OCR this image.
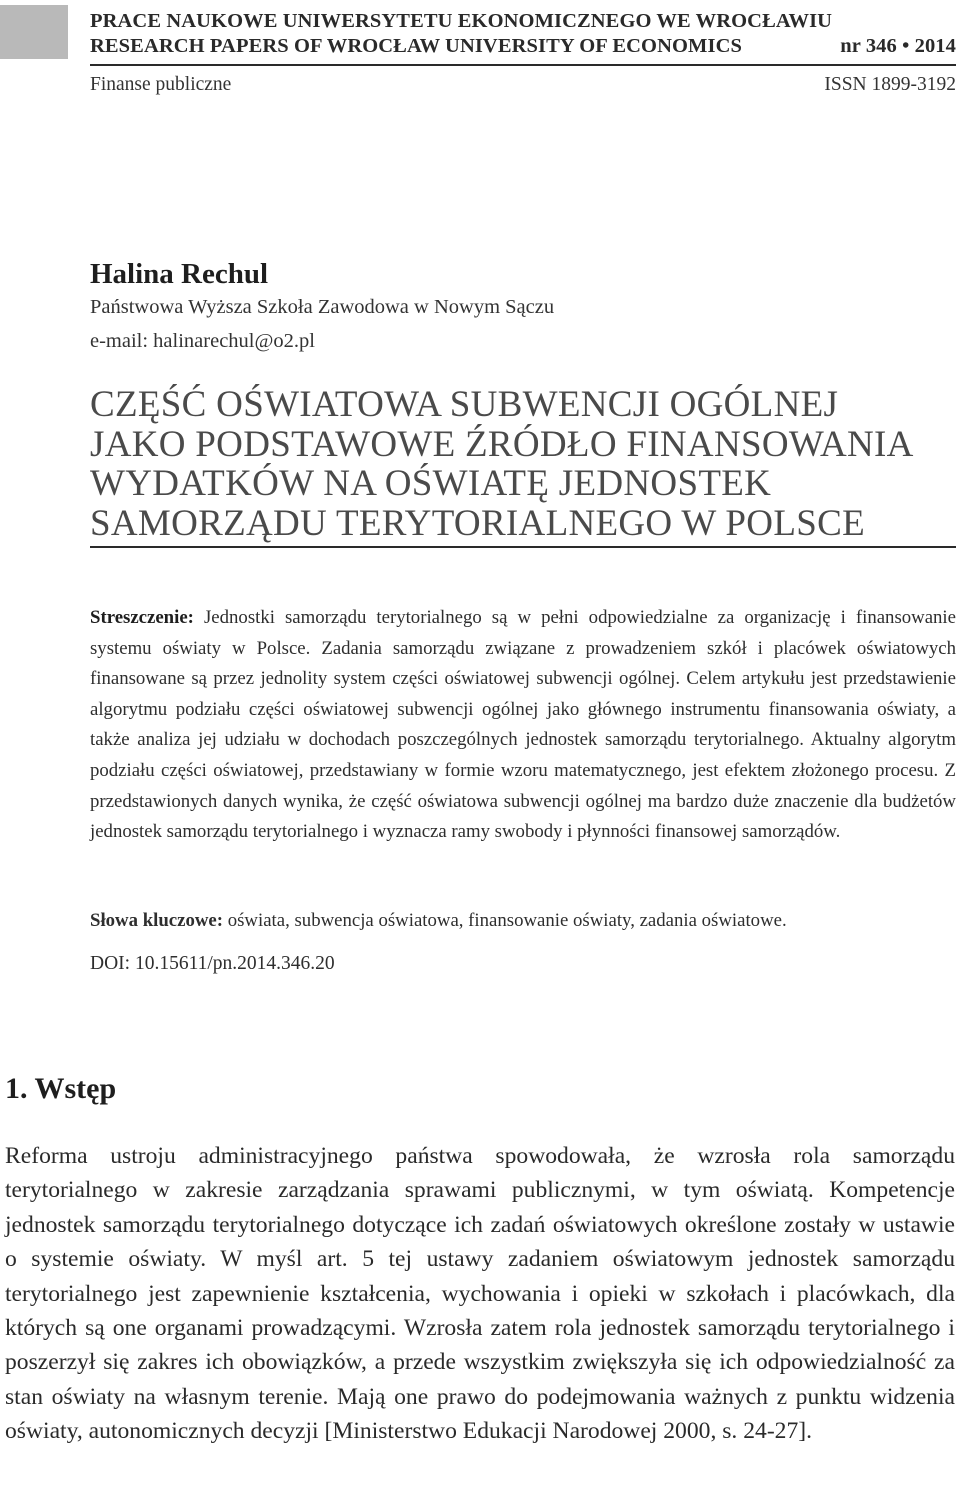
PRACE NAUKOWE UNIWERSYTETU EKONOMICZNEGO WE WROCŁAWIU
RESEARCH PAPERS OF WROCŁAW UNIVERSITY OF ECONOMICS	nr 346 • 2014
Finanse publiczne	ISSN 1899-3192
Halina Rechul
Państwowa Wyższa Szkoła Zawodowa w Nowym Sączu
e-mail: halinarechul@o2.pl
CZĘŚĆ OŚWIATOWA SUBWENCJI OGÓLNEJ
JAKO PODSTAWOWE ŹRÓDŁO FINANSOWANIA
WYDATKÓW NA OŚWIATĘ JEDNOSTEK
SAMORZĄDU TERYTORIALNEGO W POLSCE
Streszczenie: Jednostki samorządu terytorialnego są w pełni odpowiedzialne za organizację i finansowanie systemu oświaty w Polsce. Zadania samorządu związane z prowadzeniem szkół i placówek oświatowych finansowane są przez jednolity system części oświatowej subwencji ogólnej. Celem artykułu jest przedstawienie algorytmu podziału części oświatowej subwencji ogólnej jako głównego instrumentu finansowania oświaty, a także analiza jej udziału w dochodach poszczególnych jednostek samorządu terytorialnego. Aktualny algorytm podziału części oświatowej, przedstawiany w formie wzoru matematycznego, jest efektem złożonego procesu. Z przedstawionych danych wynika, że część oświatowa subwencji ogólnej ma bardzo duże znaczenie dla budżetów jednostek samorządu terytorialnego i wyznacza ramy swobody i płynności finansowej samorządów.
Słowa kluczowe: oświata, subwencja oświatowa, finansowanie oświaty, zadania oświatowe.
DOI: 10.15611/pn.2014.346.20
1. Wstęp
Reforma ustroju administracyjnego państwa spowodowała, że wzrosła rola samorządu terytorialnego w zakresie zarządzania sprawami publicznymi, w tym oświatą. Kompetencje jednostek samorządu terytorialnego dotyczące ich zadań oświatowych określone zostały w ustawie o systemie oświaty. W myśl art. 5 tej ustawy zadaniem oświatowym jednostek samorządu terytorialnego jest zapewnienie kształcenia, wychowania i opieki w szkołach i placówkach, dla których są one organami prowadzącymi. Wzrosła zatem rola jednostek samorządu terytorialnego i poszerzył się zakres ich obowiązków, a przede wszystkim zwiększyła się ich odpowiedzialność za stan oświaty na własnym terenie. Mają one prawo do podejmowania ważnych z punktu widzenia oświaty, autonomicznych decyzji [Ministerstwo Edukacji Narodowej 2000, s. 24-27].
